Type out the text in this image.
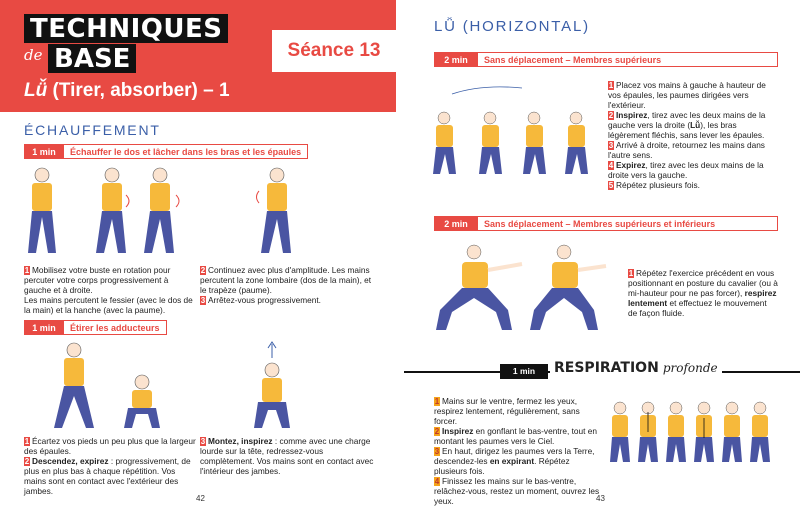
TECHNIQUES
de BASE	Séance 13
Lǚ (Tirer, absorber) – 1
ÉCHAUFFEMENT
1 min	Échauffer le dos et lâcher dans les bras et les épaules
1 Mobilisez votre buste en rotation pour percuter votre corps progressivement à gauche et à droite.
Les mains percutent le fessier (avec le dos de la main) et la hanche (avec la paume).
2 Continuez avec plus d'amplitude. Les mains percutent la zone lombaire (dos de la main), et le trapèze (paume).
3 Arrêtez-vous progressivement.
1 min	Étirer les adducteurs
1 Écartez vos pieds un peu plus que la largeur des épaules.
2 Descendez, expirez : progressivement, de plus en plus bas à chaque répétition. Vos mains sont en contact avec l'extérieur des jambes.
3 Montez, inspirez : comme avec une charge lourde sur la tête, redressez-vous complètement. Vos mains sont en contact avec l'intérieur des jambes.
42
LǙ (HORIZONTAL)
2 min	Sans déplacement – Membres supérieurs
1 Placez vos mains à gauche à hauteur de vos épaules, les paumes dirigées vers l'extérieur.
2 Inspirez, tirez avec les deux mains de la gauche vers la droite (Lǚ), les bras légèrement fléchis, sans lever les épaules.
3 Arrivé à droite, retournez les mains dans l'autre sens.
4 Expirez, tirez avec les deux mains de la droite vers la gauche.
5 Répétez plusieurs fois.
2 min	Sans déplacement – Membres supérieurs et inférieurs
1 Répétez l'exercice précédent en vous positionnant en posture du cavalier (ou à mi-hauteur pour ne pas forcer), respirez lentement et effectuez le mouvement de façon fluide.
1 min	RESPIRATION profonde
1 Mains sur le ventre, fermez les yeux, respirez lentement, régulièrement, sans forcer.
2 Inspirez en gonflant le bas-ventre, tout en montant les paumes vers le Ciel.
3 En haut, dirigez les paumes vers la Terre, descendez-les en expirant. Répétez plusieurs fois.
4 Finissez les mains sur le bas-ventre, relâchez-vous, restez un moment, ouvrez les yeux.	43
